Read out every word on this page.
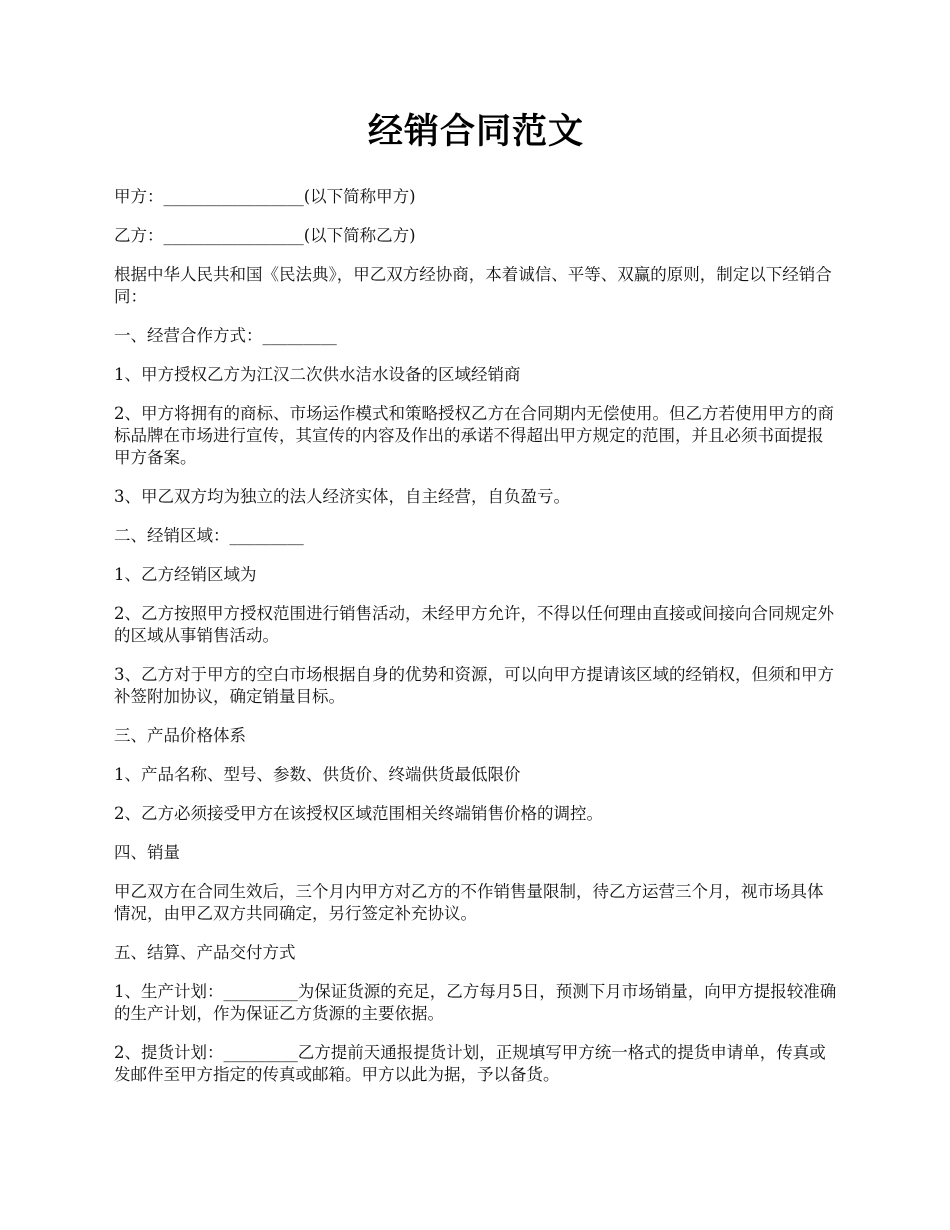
经销合同范文

甲方：_________________(以下简称甲方)

乙方：_________________(以下简称乙方)

根据中华人民共和国《民法典》，甲乙双方经协商，本着诚信、平等、双赢的原则，制定以下经销合同：

一、经营合作方式：_________

1、甲方授权乙方为江汉二次供水洁水设备的区域经销商

2、甲方将拥有的商标、市场运作模式和策略授权乙方在合同期内无偿使用。但乙方若使用甲方的商标品牌在市场进行宣传，其宣传的内容及作出的承诺不得超出甲方规定的范围，并且必须书面提报甲方备案。

3、甲乙双方均为独立的法人经济实体，自主经营，自负盈亏。

二、经销区域：_________

1、乙方经销区域为

2、乙方按照甲方授权范围进行销售活动，未经甲方允许，不得以任何理由直接或间接向合同规定外的区域从事销售活动。

3、乙方对于甲方的空白市场根据自身的优势和资源，可以向甲方提请该区域的经销权，但须和甲方补签附加协议，确定销量目标。

三、产品价格体系

1、产品名称、型号、参数、供货价、终端供货最低限价

2、乙方必须接受甲方在该授权区域范围相关终端销售价格的调控。

四、销量

甲乙双方在合同生效后，三个月内甲方对乙方的不作销售量限制，待乙方运营三个月，视市场具体情况，由甲乙双方共同确定，另行签定补充协议。

五、结算、产品交付方式

1、生产计划：_________为保证货源的充足，乙方每月5日，预测下月市场销量，向甲方提报较准确的生产计划，作为保证乙方货源的主要依据。

2、提货计划：_________乙方提前天通报提货计划，正规填写甲方统一格式的提货申请单，传真或发邮件至甲方指定的传真或邮箱。甲方以此为据，予以备货。
